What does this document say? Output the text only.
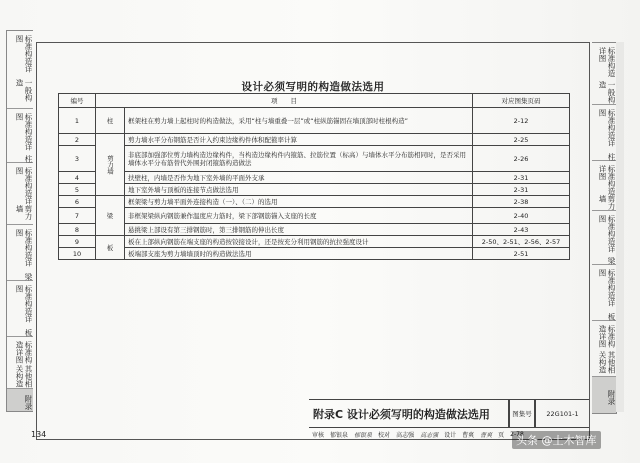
标准构造详图
一般构造
标准构造详图
柱
标准构造详图
剪力墙
标准构造详图
梁
标准构造详图
板
标准构造详图
其他相关构造
附录
标准构造详图
一般构造
标准构造详图
柱
标准构造详图
剪力墙
标准构造详图
梁
标准构造详图
板
标准构造详图
其他相关构造
附录
设计必须写明的构造做法选用
编号	项　　目		对应图集页码
1	柱	框架柱在剪力墙上起柱时的构造做法，采用“柱与墙重叠一层”或“柱纵筋锚固在墙顶部时柱根构造”	2-12
2	剪力墙	剪力墙水平分布钢筋是否计入约束边缘构件体积配箍率计算	2-25
3		非底部加强部位剪力墙构造边缘构件，当构造边缘构件内箍筋、拉筋位置（标高）与墙体水平分布筋相同时，是否采用墙体水平分布筋替代外围封闭箍筋构造做法	2-26
4		扶壁柱，内墙是否作为地下室外墙的平面外支承	2-31
5		地下室外墙与顶板的连接节点做法选用	2-31
6	梁	框架梁与剪力墙平面外连接构造（一）、（二）的选用	2-38
7		非框架梁纵向钢筋兼作温度应力筋时，梁下部钢筋锚入支座的长度	2-40
8		悬挑梁上部设有第三排钢筋时，第三排钢筋的伸出长度	2-43
9	板	板在上部纵向钢筋在端支座的构造按铰接设计，还是按充分利用钢筋的抗拉强度设计	2-50、2-51、2-56、2-57
10		板端部支座为剪力墙墙顶时的构造做法选用	2-51
附录C 设计必须写明的构造做法选用	图集号	22G101-1
审核	郁银泉	郁银泉	校对	高志强	高志强	设计	曹爽	曹爽	页	2-78
134	头条 @土木智库
